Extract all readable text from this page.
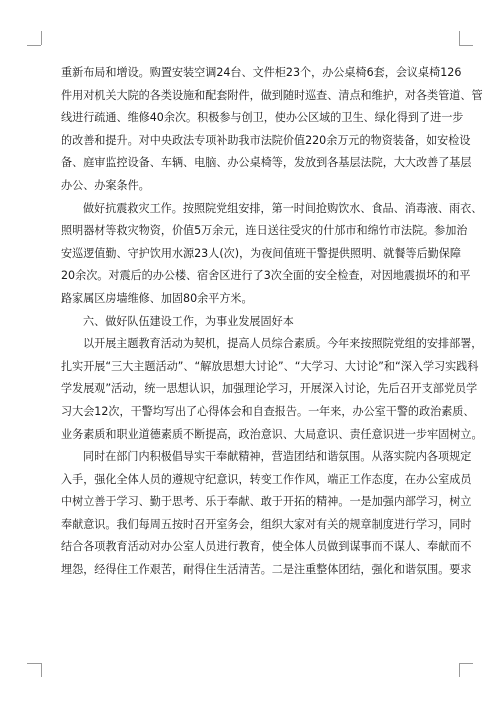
重新布局和增设。购置安装空调24台、文件柜23个，办公桌椅6套，会议桌椅126
件用对机关大院的各类设施和配套附件，做到随时巡查、清点和维护，对各类管道、管
线进行疏通、维修40余次。积极参与创卫，使办公区域的卫生、绿化得到了进一步
的改善和提升。对中央政法专项补助我市法院价值220余万元的物资装备，如安检设
备、庭审监控设备、车辆、电脑、办公桌椅等，发放到各基层法院，大大改善了基层
办公、办案条件。

做好抗震救灾工作。按照院党组安排，第一时间抢购饮水、食品、消毒液、雨衣、
照明器材等救灾物资，价值5万余元，连日送往受灾的什邡市和绵竹市法院。参加治
安巡逻值勤、守护饮用水源23人(次)，为夜间值班干警提供照明、就餐等后勤保障
20余次。对震后的办公楼、宿舍区进行了3次全面的安全检查，对因地震损坏的和平
路家属区房墙维修、加固80余平方米。

六、做好队伍建设工作，为事业发展固好本

以开展主题教育活动为契机，提高人员综合素质。今年来按照院党组的安排部署，
扎实开展“三大主题活动”、“解放思想大讨论”、“大学习、大讨论”和“深入学习实践科
学发展观”活动，统一思想认识，加强理论学习，开展深入讨论，先后召开支部党员学
习大会12次，干警均写出了心得体会和自查报告。一年来，办公室干警的政治素质、
业务素质和职业道德素质不断提高，政治意识、大局意识、责任意识进一步牢固树立。

同时在部门内积极倡导实干奉献精神，营造团结和谐氛围。从落实院内各项规定
入手，强化全体人员的遵规守纪意识，转变工作作风，端正工作态度，在办公室成员
中树立善于学习、勤于思考、乐于奉献、敢于开拓的精神。一是加强内部学习，树立
奉献意识。我们每周五按时召开室务会，组织大家对有关的规章制度进行学习，同时
结合各项教育活动对办公室人员进行教育，使全体人员做到谋事而不谋人、奉献而不
埋怨，经得住工作艰苦，耐得住生活清苦。二是注重整体团结，强化和谐氛围。要求
